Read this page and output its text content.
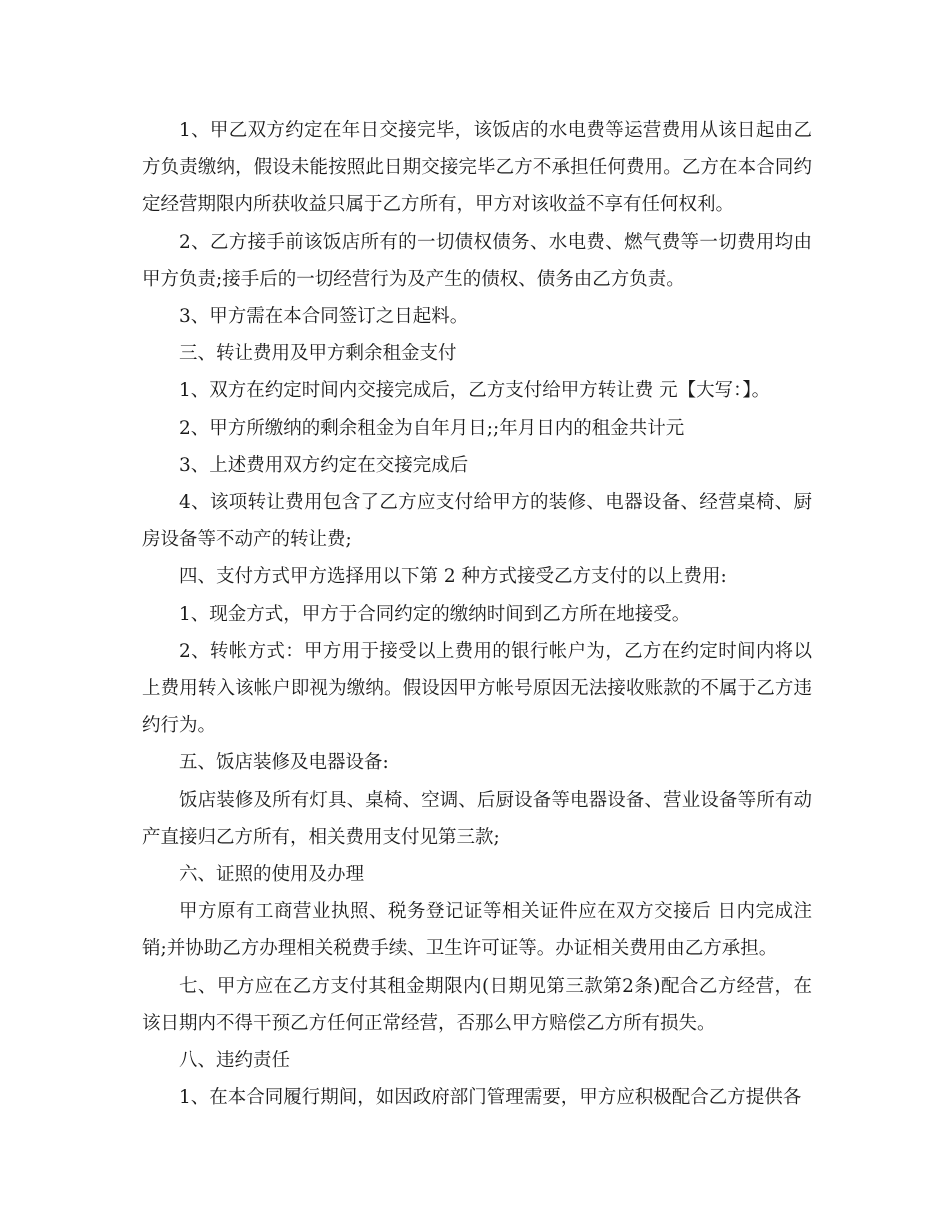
1、甲乙双方约定在年日交接完毕，该饭店的水电费等运营费用从该日起由乙方负责缴纳，假设未能按照此日期交接完毕乙方不承担任何费用。乙方在本合同约定经营期限内所获收益只属于乙方所有，甲方对该收益不享有任何权利。

2、乙方接手前该饭店所有的一切债权债务、水电费、燃气费等一切费用均由甲方负责;接手后的一切经营行为及产生的债权、债务由乙方负责。

3、甲方需在本合同签订之日起料。

三、转让费用及甲方剩余租金支付

1、双方在约定时间内交接完成后，乙方支付给甲方转让费 元【大写：】。

2、甲方所缴纳的剩余租金为自年月日;;年月日内的租金共计元

3、上述费用双方约定在交接完成后

4、该项转让费用包含了乙方应支付给甲方的装修、电器设备、经营桌椅、厨房设备等不动产的转让费;

四、支付方式甲方选择用以下第 2 种方式接受乙方支付的以上费用:

1、现金方式，甲方于合同约定的缴纳时间到乙方所在地接受。

2、转帐方式：甲方用于接受以上费用的银行帐户为，乙方在约定时间内将以上费用转入该帐户即视为缴纳。假设因甲方帐号原因无法接收账款的不属于乙方违约行为。

五、饭店装修及电器设备:

饭店装修及所有灯具、桌椅、空调、后厨设备等电器设备、营业设备等所有动产直接归乙方所有，相关费用支付见第三款;

六、证照的使用及办理

甲方原有工商营业执照、税务登记证等相关证件应在双方交接后 日内完成注销;并协助乙方办理相关税费手续、卫生许可证等。办证相关费用由乙方承担。

七、甲方应在乙方支付其租金期限内(日期见第三款第2条)配合乙方经营，在该日期内不得干预乙方任何正常经营，否那么甲方赔偿乙方所有损失。

八、违约责任

1、在本合同履行期间，如因政府部门管理需要，甲方应积极配合乙方提供各
